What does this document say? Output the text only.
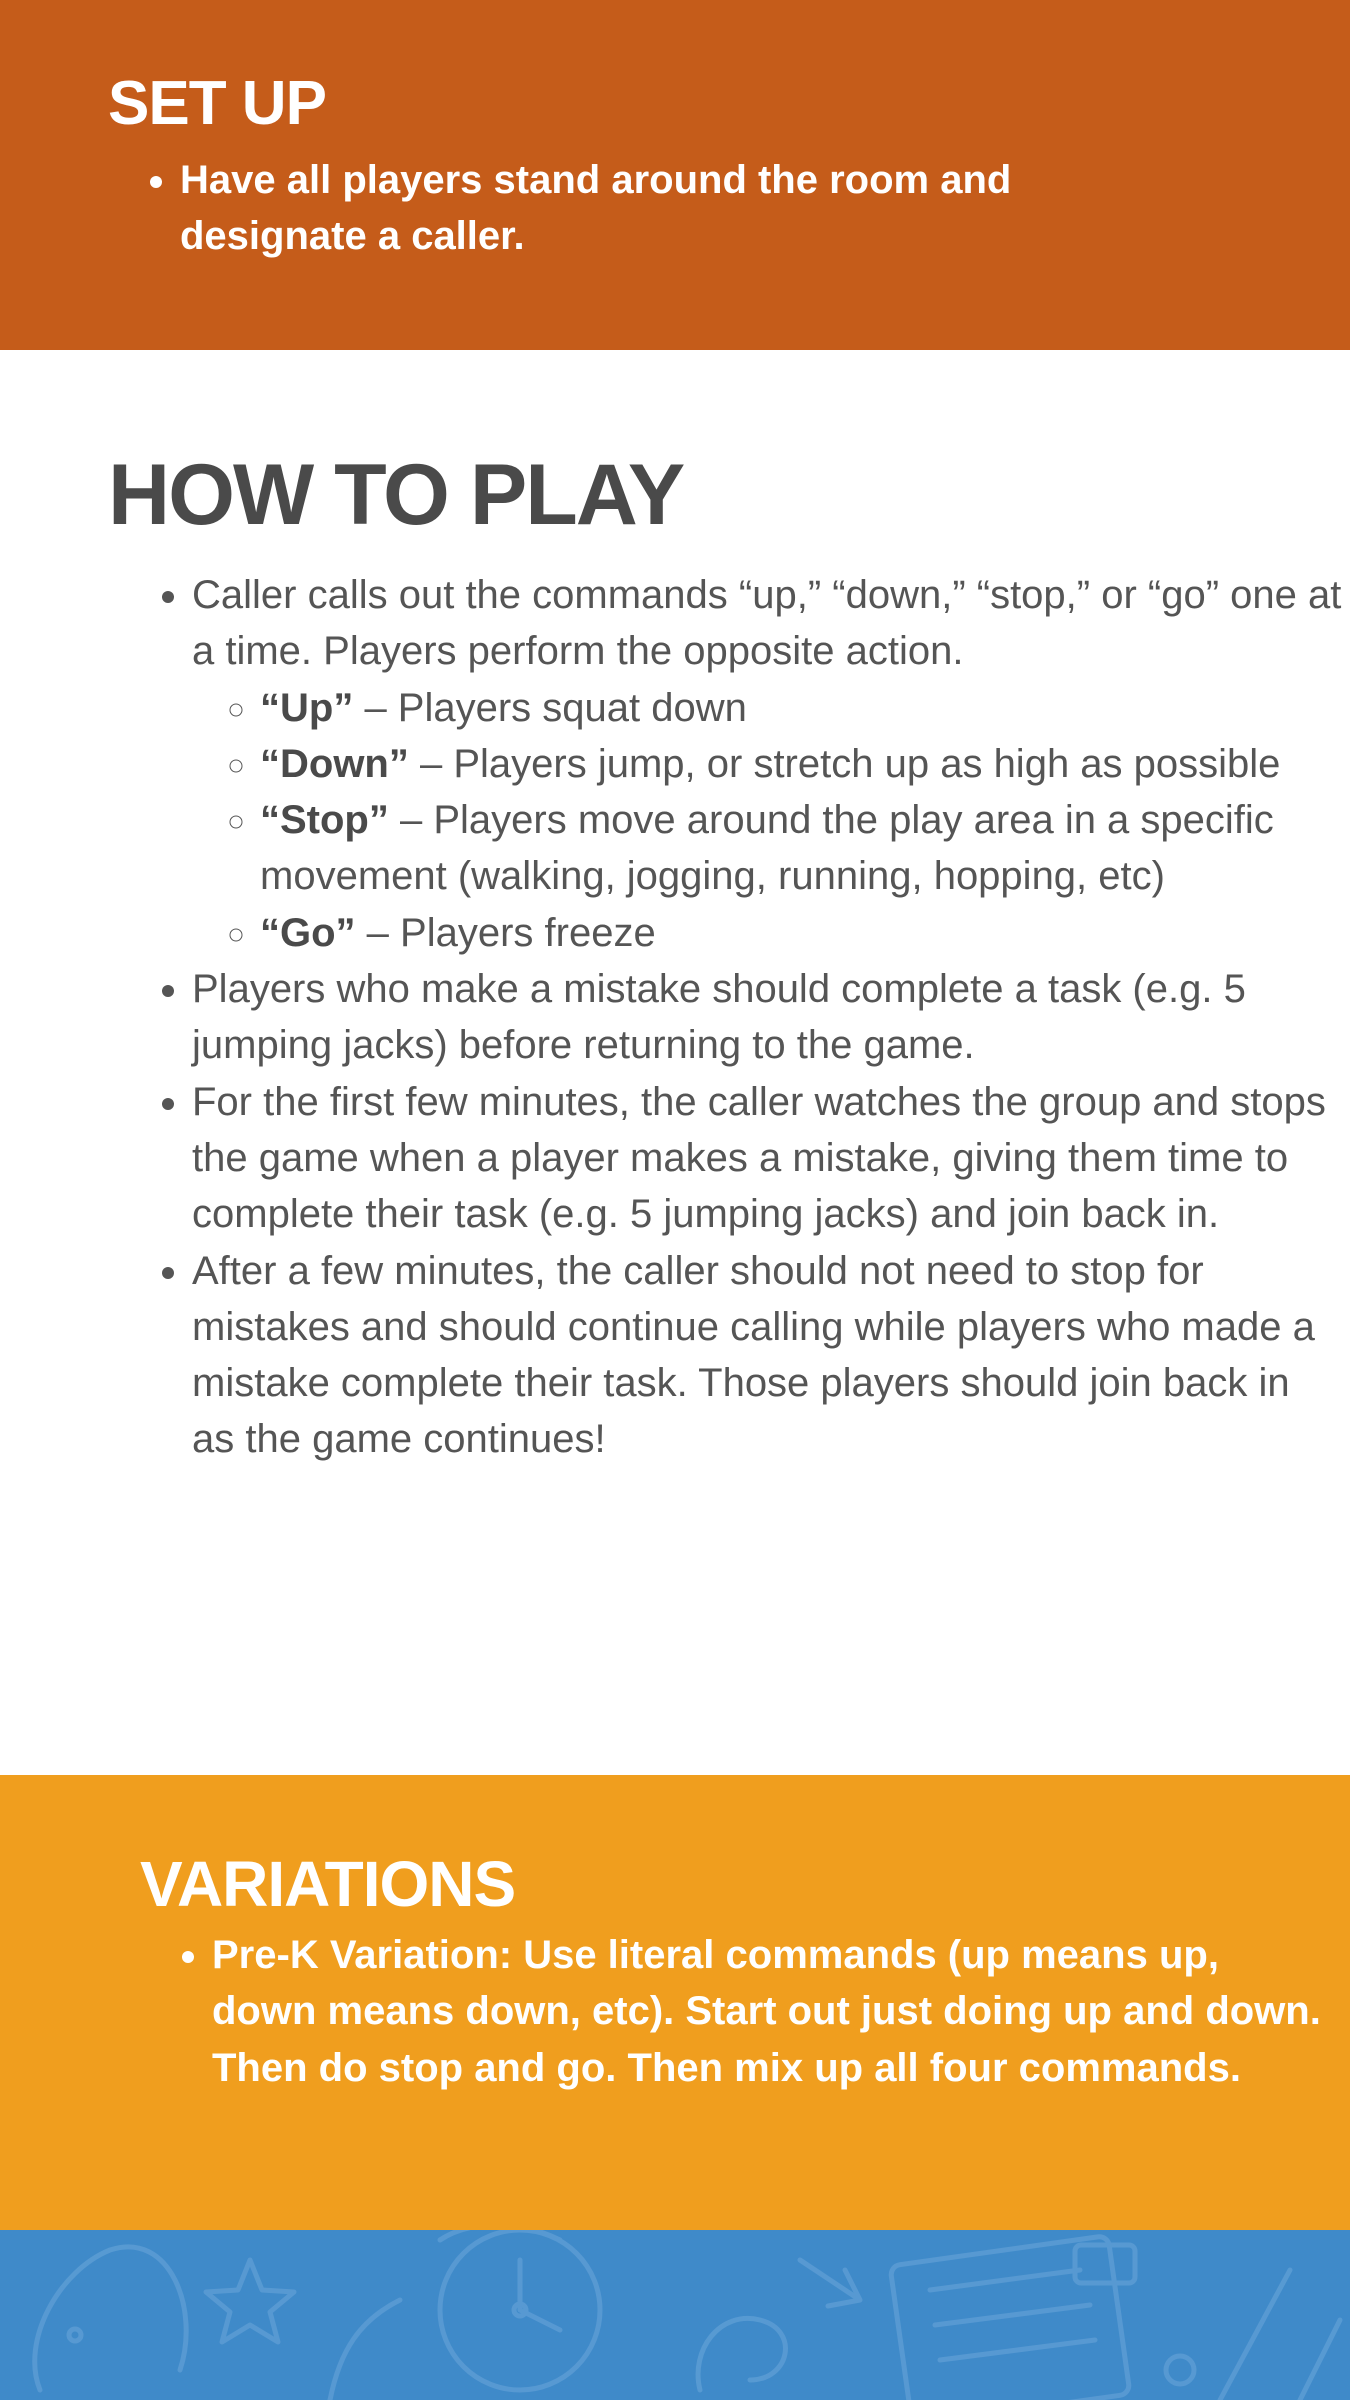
SET UP
• Have all players stand around the room and designate a caller.
HOW TO PLAY
• Caller calls out the commands “up,” “down,” “stop,” or “go” one at a time. Players perform the opposite action.
◦ “Up” – Players squat down
◦ “Down” – Players jump, or stretch up as high as possible
◦ “Stop” – Players move around the play area in a specific movement (walking, jogging, running, hopping, etc)
◦ “Go” – Players freeze
• Players who make a mistake should complete a task (e.g. 5 jumping jacks) before returning to the game.
• For the first few minutes, the caller watches the group and stops the game when a player makes a mistake, giving them time to complete their task (e.g. 5 jumping jacks) and join back in.
• After a few minutes, the caller should not need to stop for mistakes and should continue calling while players who made a mistake complete their task. Those players should join back in as the game continues!
VARIATIONS
• Pre-K Variation: Use literal commands (up means up, down means down, etc). Start out just doing up and down. Then do stop and go. Then mix up all four commands.
